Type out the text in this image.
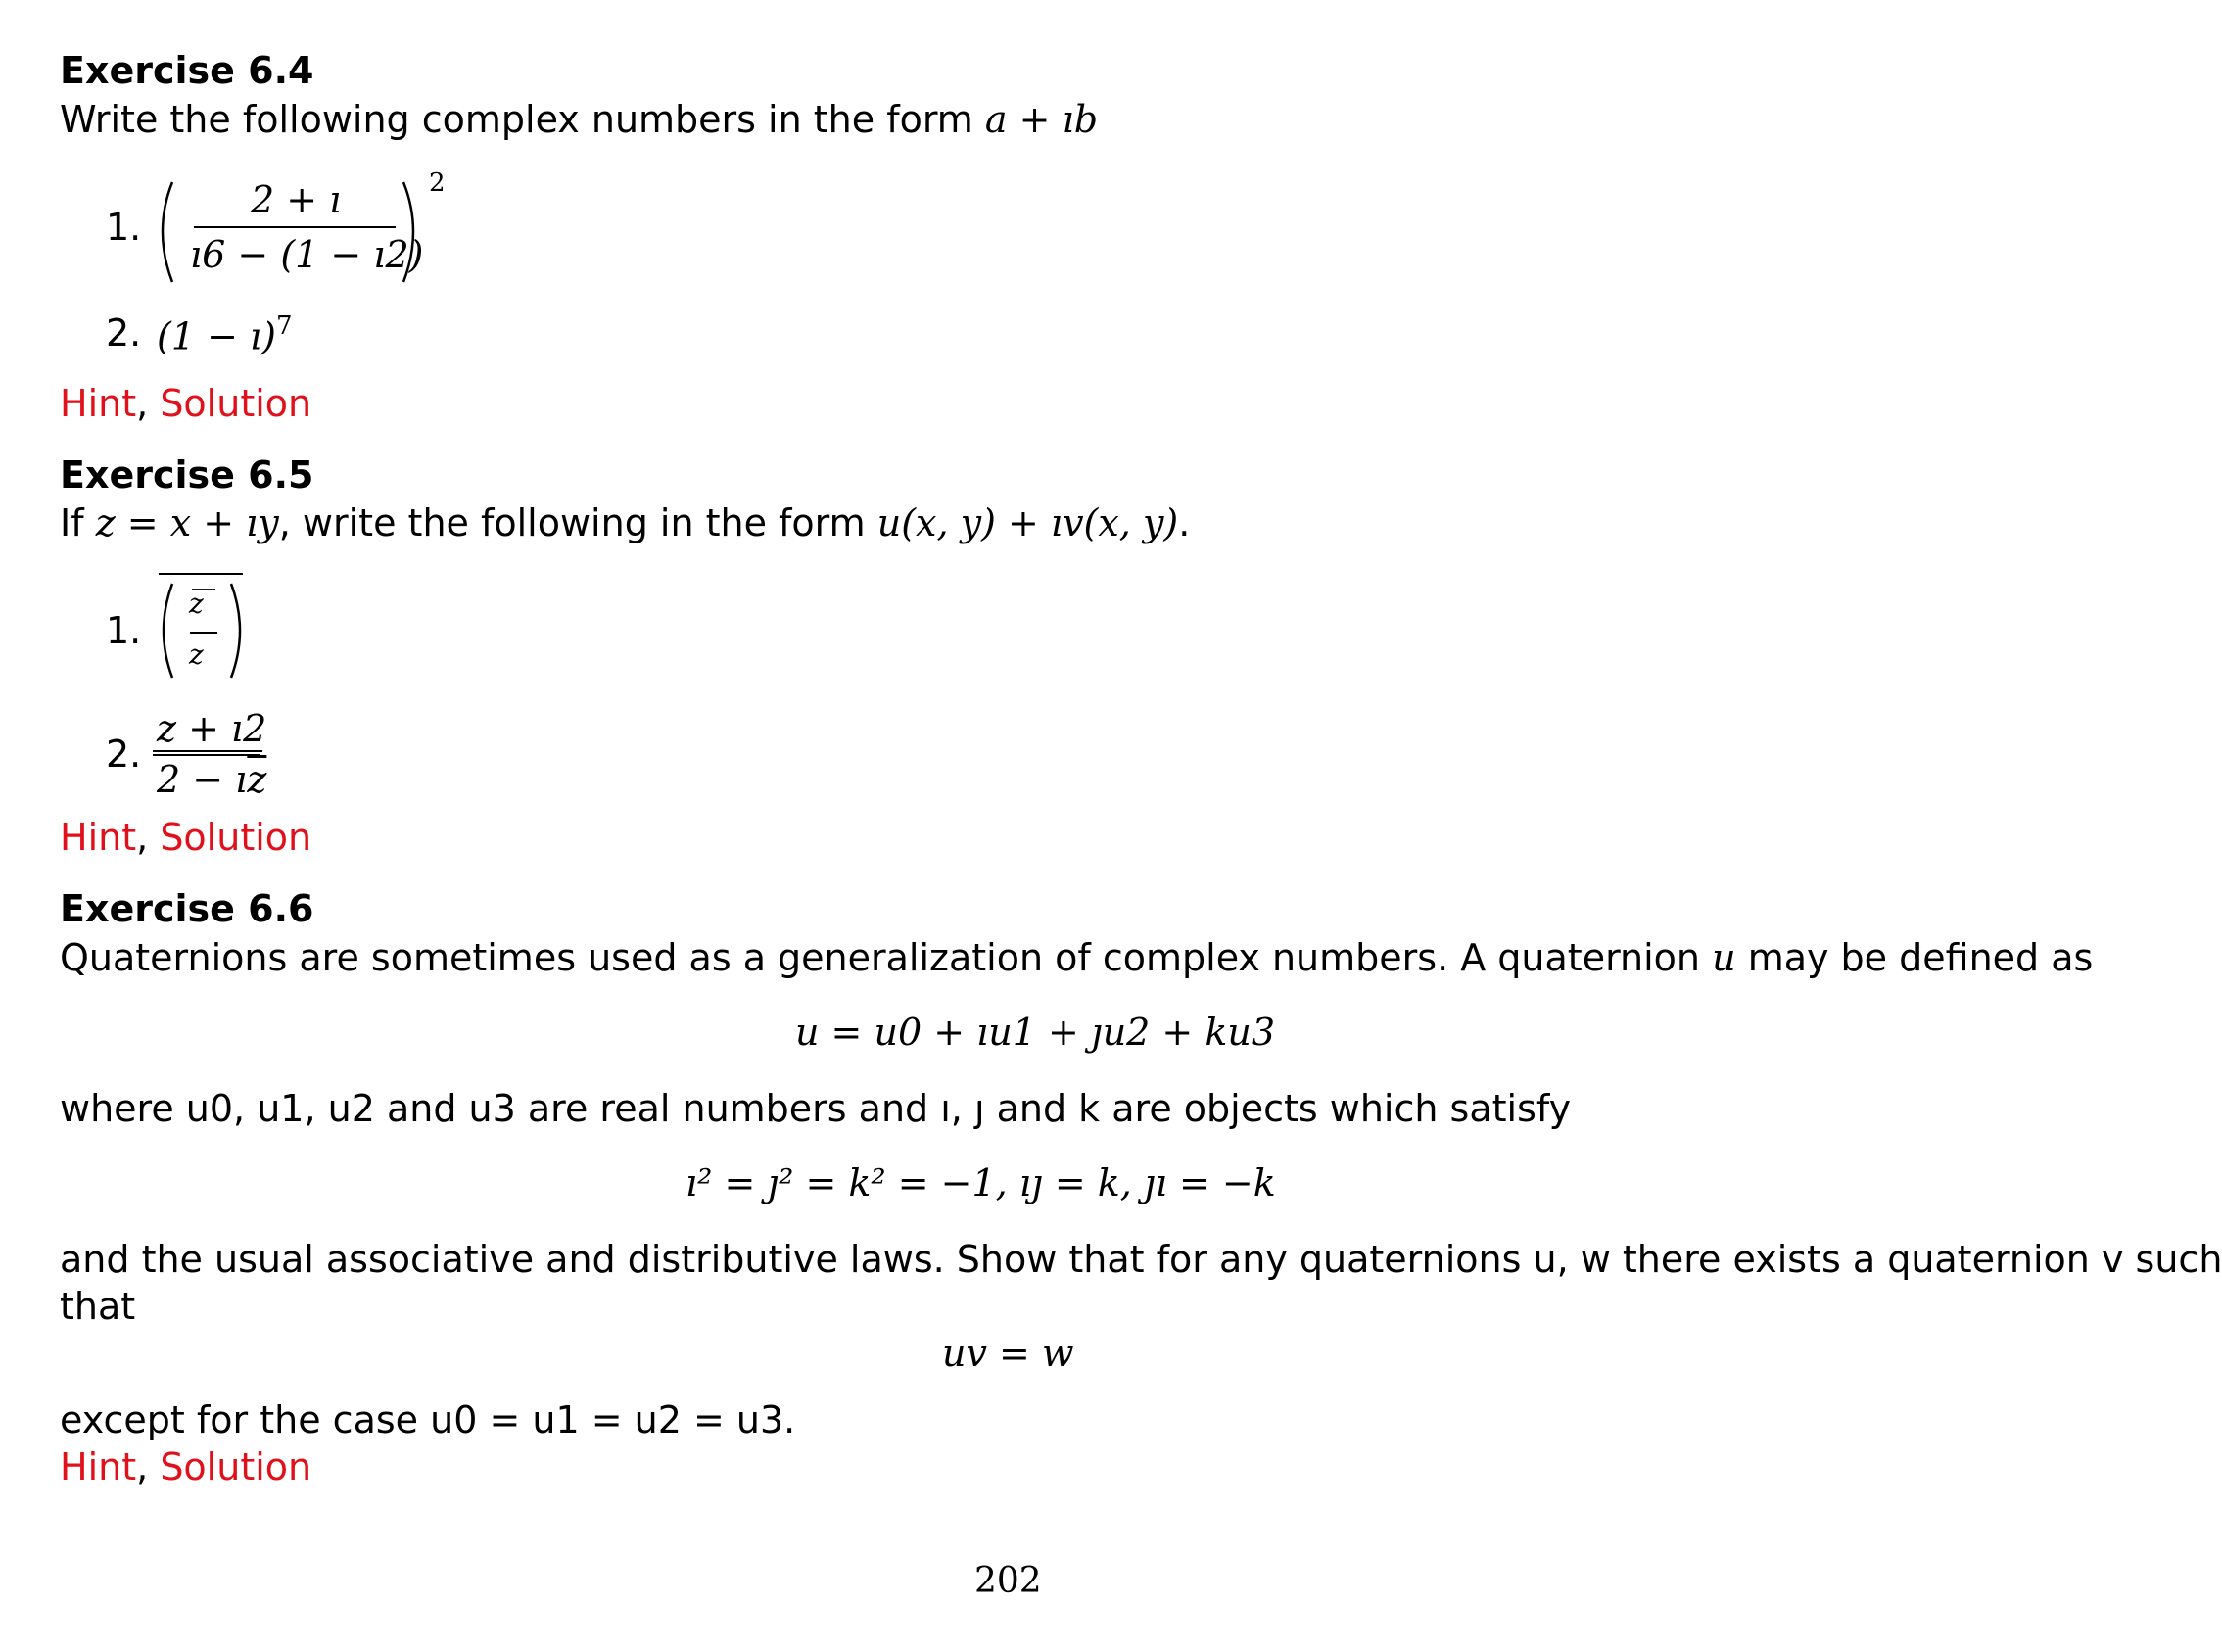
Exercise 6.4
Write the following complex numbers in the form a + ıb
1.
2 + ı
ı6 − (1 − ı2)
2
2. (1 − ı)$^7$
Hint, Solution
Exercise 6.5
If z = x + ıy, write the following in the form u(x, y) + ıv(x, y).
1.
z
z
2.
z + ı2
$2 - ı\overline{z}$
Hint, Solution
Exercise 6.6
Quaternions are sometimes used as a generalization of complex numbers. A quaternion u may be defined as
u = u0 + ıu1 + ȷu2 + ku3
where u0, u1, u2 and u3 are real numbers and ı, ȷ and k are objects which satisfy
ı² = ȷ² = k² = −1, ıȷ = k, ȷı = −k
and the usual associative and distributive laws. Show that for any quaternions u, w there exists a quaternion v such
that
uv = w
except for the case u0 = u1 = u2 = u3.
Hint, Solution
202
